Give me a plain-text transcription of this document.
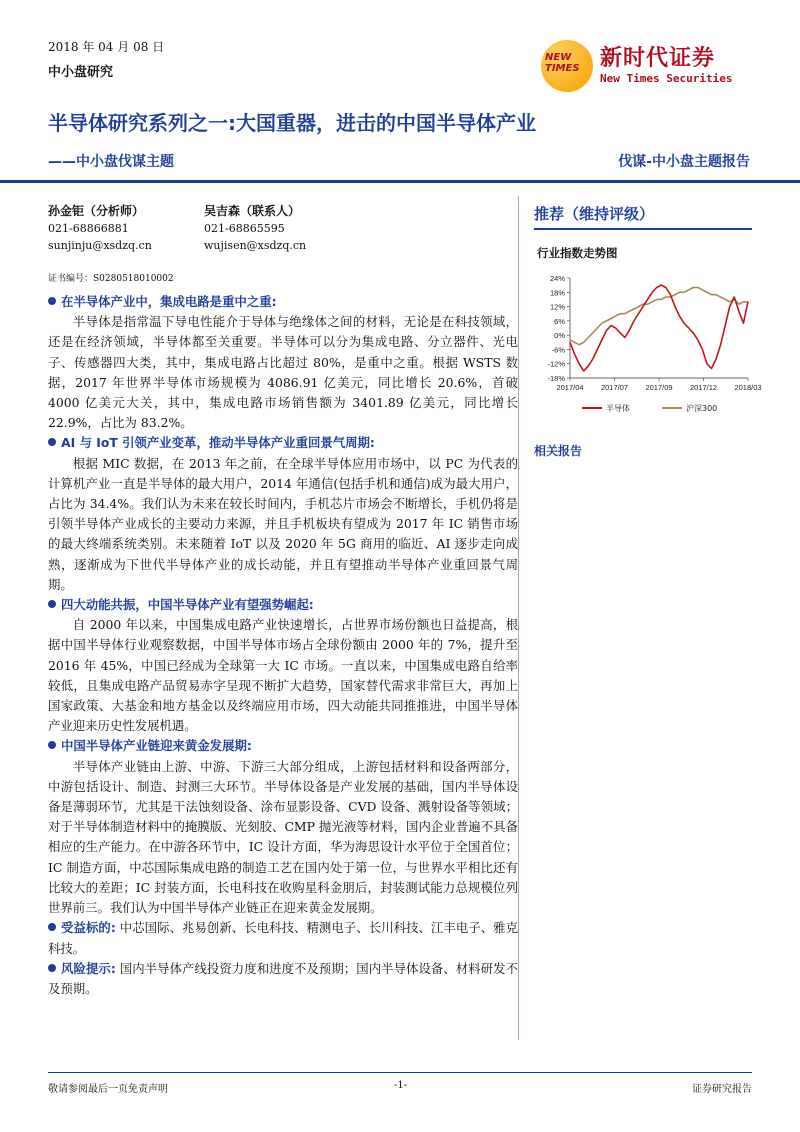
2018 年 04 月 08 日
中小盘研究
NEW TIMES 新时代证券
New Times Securities
半导体研究系列之一:大国重器，进击的中国半导体产业
——中小盘伐谋主题	伐谋-中小盘主题报告
孙金钜（分析师）
021-68866881
sunjinju@xsdzq.cn
吴吉森（联系人）
021-68865595
wujisen@xsdzq.cn
证书编号：S0280518010002
在半导体产业中，集成电路是重中之重:
半导体是指常温下导电性能介于导体与绝缘体之间的材料，无论是在科技领域，还是在经济领域，半导体都至关重要。半导体可以分为集成电路、分立器件、光电子、传感器四大类，其中，集成电路占比超过 80%，是重中之重。根据 WSTS 数据，2017 年世界半导体市场规模为 4086.91 亿美元，同比增长 20.6%，首破 4000 亿美元大关，其中，集成电路市场销售额为 3401.89 亿美元，同比增长 22.9%，占比为 83.2%。
AI 与 IoT 引领产业变革，推动半导体产业重回景气周期:
根据 MIC 数据，在 2013 年之前，在全球半导体应用市场中，以 PC 为代表的计算机产业一直是半导体的最大用户，2014 年通信(包括手机和通信)成为最大用户，占比为 34.4%。我们认为未来在较长时间内，手机芯片市场会不断增长，手机仍将是引领半导体产业成长的主要动力来源，并且手机板块有望成为 2017 年 IC 销售市场的最大终端系统类别。未来随着 IoT 以及 2020 年 5G 商用的临近、AI 逐步走向成熟，逐渐成为下世代半导体产业的成长动能，并且有望推动半导体产业重回景气周期。
四大动能共振，中国半导体产业有望强势崛起:
自 2000 年以来，中国集成电路产业快速增长，占世界市场份额也日益提高，根据中国半导体行业观察数据，中国半导体市场占全球份额由 2000 年的 7%，提升至 2016 年 45%，中国已经成为全球第一大 IC 市场。一直以来，中国集成电路自给率较低，且集成电路产品贸易赤字呈现不断扩大趋势，国家替代需求非常巨大，再加上国家政策、大基金和地方基金以及终端应用市场，四大动能共同推推进，中国半导体产业迎来历史性发展机遇。
中国半导体产业链迎来黄金发展期:
半导体产业链由上游、中游、下游三大部分组成，上游包括材料和设备两部分，中游包括设计、制造、封测三大环节。半导体设备是产业发展的基础，国内半导体设备是薄弱环节，尤其是干法蚀刻设备、涂布显影设备、CVD 设备、溅射设备等领域；对于半导体制造材料中的掩膜版、光刻胶、CMP 抛光液等材料，国内企业普遍不具备相应的生产能力。在中游各环节中，IC 设计方面，华为海思设计水平位于全国首位；IC 制造方面，中芯国际集成电路的制造工艺在国内处于第一位，与世界水平相比还有比较大的差距；IC 封装方面，长电科技在收购星科金朋后，封装测试能力总规模位列世界前三。我们认为中国半导体产业链正在迎来黄金发展期。
受益标的: 中芯国际、兆易创新、长电科技、精测电子、长川科技、江丰电子、雅克科技。
风险提示: 国内半导体产线投资力度和进度不及预期；国内半导体设备、材料研发不及预期。
推荐（维持评级）
行业指数走势图
24%
18%
12%
6%
0%
-6%
-12%
-18%
2017/04 2017/07 2017/09 2017/12 2018/03
半导体	沪深300
相关报告
敬请参阅最后一页免责声明	-1-	证券研究报告
